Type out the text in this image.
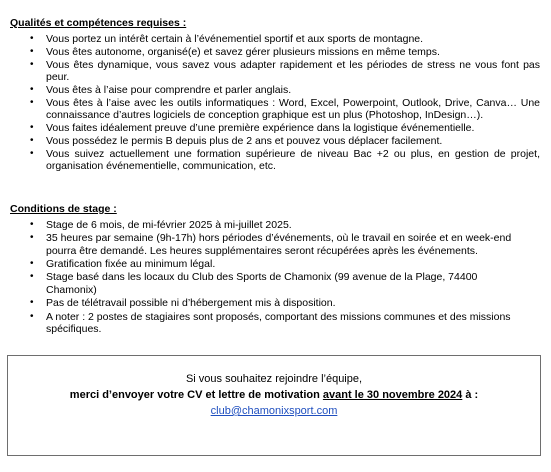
Qualités et compétences requises :

• Vous portez un intérêt certain à l’événementiel sportif et aux sports de montagne.
• Vous êtes autonome, organisé(e) et savez gérer plusieurs missions en même temps.
• Vous êtes dynamique, vous savez vous adapter rapidement et les périodes de stress ne vous font pas peur.
• Vous êtes à l’aise pour comprendre et parler anglais.
• Vous êtes à l’aise avec les outils informatiques : Word, Excel, Powerpoint, Outlook, Drive, Canva… Une connaissance d’autres logiciels de conception graphique est un plus (Photoshop, InDesign…).
• Vous faites idéalement preuve d’une première expérience dans la logistique événementielle.
• Vous possédez le permis B depuis plus de 2 ans et pouvez vous déplacer facilement.
• Vous suivez actuellement une formation supérieure de niveau Bac +2 ou plus, en gestion de projet, organisation événementielle, communication, etc.

Conditions de stage :

• Stage de 6 mois, de mi-février 2025 à mi-juillet 2025.
• 35 heures par semaine (9h-17h) hors périodes d’événements, où le travail en soirée et en week-end pourra être demandé. Les heures supplémentaires seront récupérées après les événements.
• Gratification fixée au minimum légal.
• Stage basé dans les locaux du Club des Sports de Chamonix (99 avenue de la Plage, 74400 Chamonix)
• Pas de télétravail possible ni d’hébergement mis à disposition.
• A noter : 2 postes de stagiaires sont proposés, comportant des missions communes et des missions spécifiques.
Si vous souhaitez rejoindre l’équipe,
merci d’envoyer votre CV et lettre de motivation avant le 30 novembre 2024 à :
club@chamonixsport.com
